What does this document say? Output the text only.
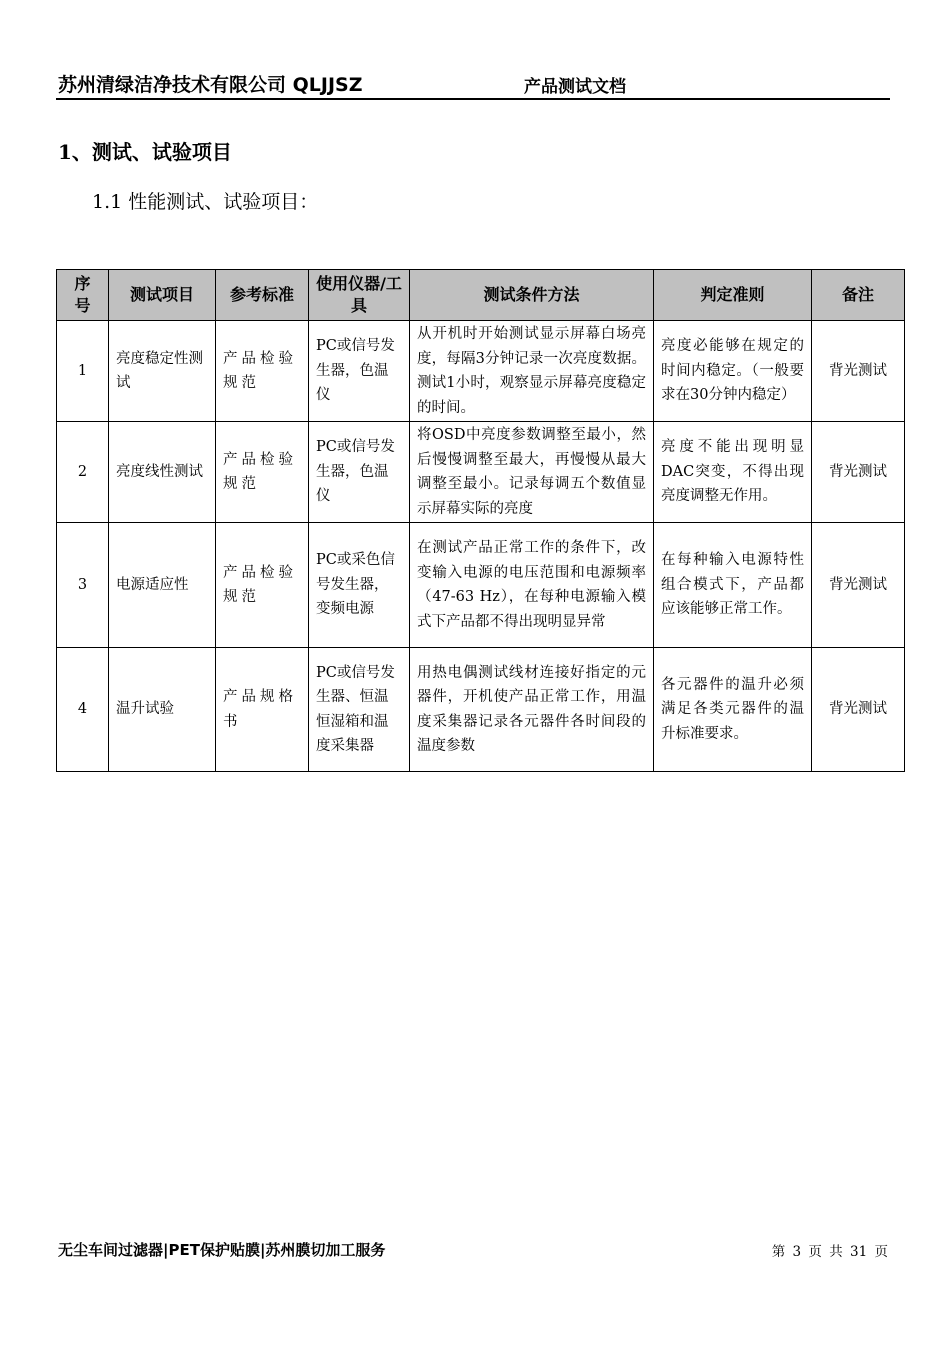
苏州清绿洁净技术有限公司 QLJJSZ	产品测试文档
1、测试、试验项目
1.1 性能测试、试验项目：
序号	测试项目	参考标准	使用仪器/工具	测试条件方法	判定准则	备注
1	亮度稳定性测试	产品检验规范	PC或信号发生器，色温仪	从开机时开始测试显示屏幕白场亮度，每隔3分钟记录一次亮度数据。测试1小时，观察显示屏幕亮度稳定的时间。	亮度必能够在规定的时间内稳定。（一般要求在30分钟内稳定）	背光测试
2	亮度线性测试	产品检验规范	PC或信号发生器，色温仪	将OSD中亮度参数调整至最小，然后慢慢调整至最大，再慢慢从最大调整至最小。记录每调五个数值显示屏幕实际的亮度	亮度不能出现明显DAC突变，不得出现亮度调整无作用。	背光测试
3	电源适应性	产品检验规范	PC或采色信号发生器，变频电源	在测试产品正常工作的条件下，改变输入电源的电压范围和电源频率（47-63 Hz），在每种电源输入模式下产品都不得出现明显异常	在每种输入电源特性组合模式下，产品都应该能够正常工作。	背光测试
4	温升试验	产品规格书	PC或信号发生器、恒温恒湿箱和温度采集器	用热电偶测试线材连接好指定的元器件，开机使产品正常工作，用温度采集器记录各元器件各时间段的温度参数	各元器件的温升必须满足各类元器件的温升标准要求。	背光测试
无尘车间过滤器|PET保护贴膜|苏州膜切加工服务	第 3 页 共 31 页
